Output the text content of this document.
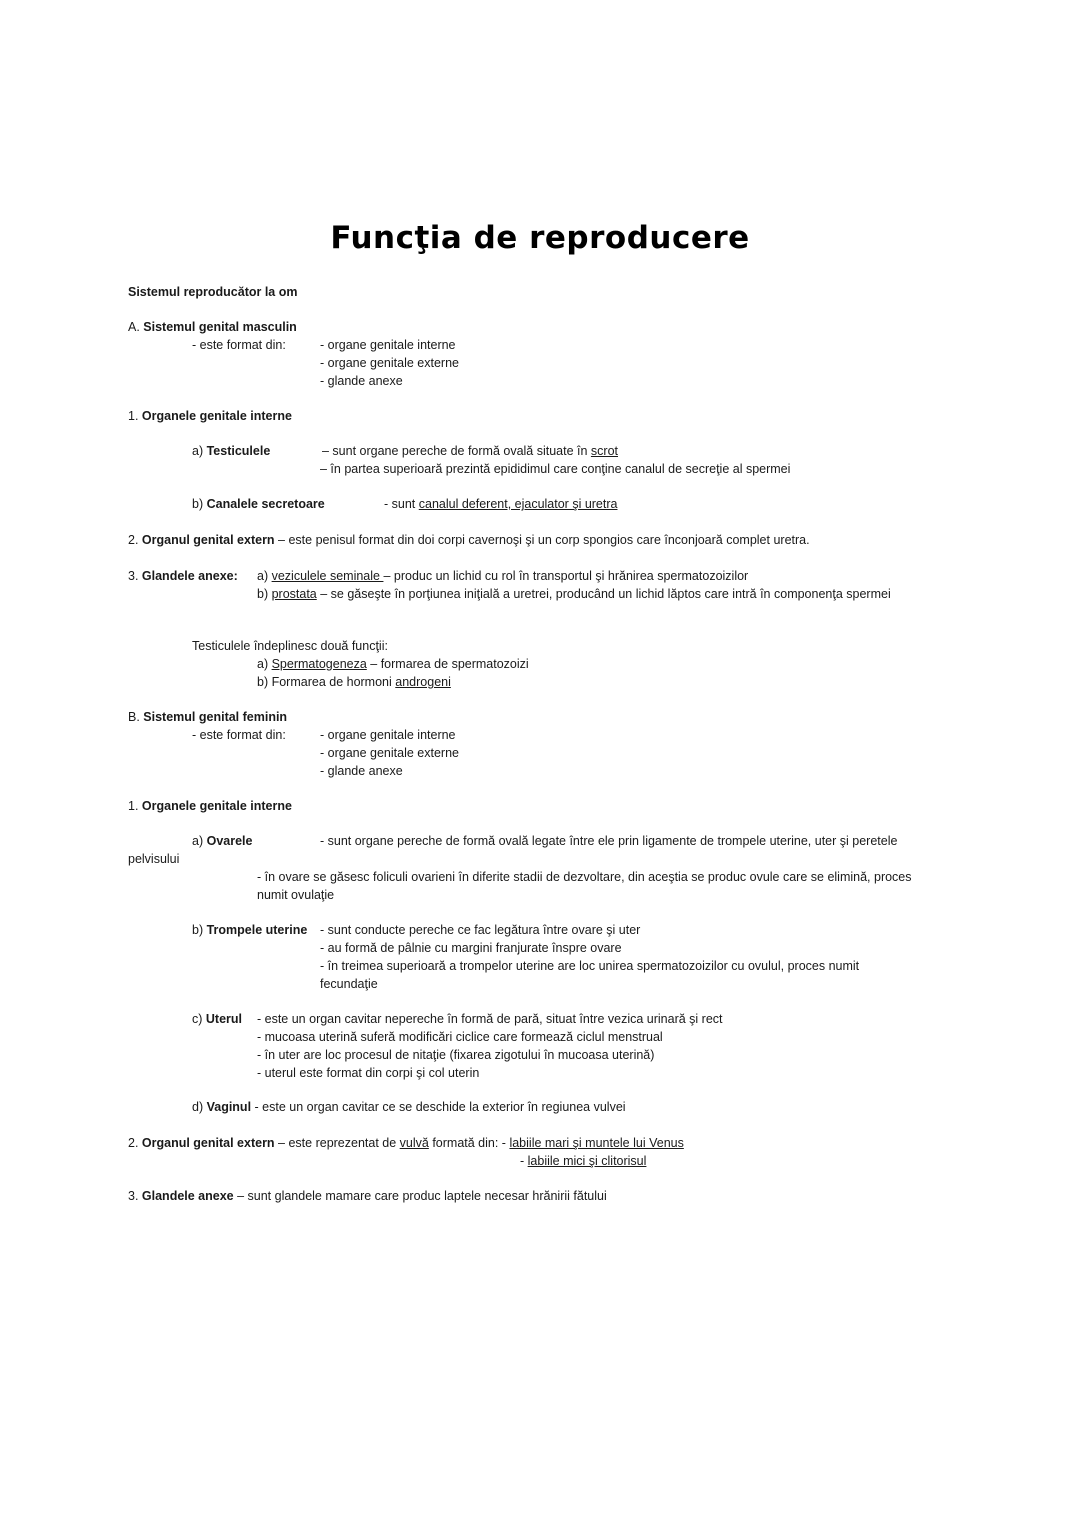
Funcţia de reproducere
Sistemul reproducător la om
A. Sistemul genital masculin
- este format din:	- organe genitale interne
- organe genitale externe
- glande anexe
1. Organele genitale interne
a) Testiculele	– sunt organe pereche de formă ovală situate în scrot
– în partea superioară prezintă epididimul care conţine canalul de secreţie al spermei
b) Canalele secretoare	- sunt canalul deferent, ejaculator şi uretra
2. Organul genital extern – este penisul format din doi corpi cavernoşi şi un corp spongios care înconjoară complet uretra.
3. Glandele anexe: a) veziculele seminale – produc un lichid cu rol în transportul şi hrănirea spermatozoizilor
b) prostata – se găseşte în porţiunea iniţială a uretrei, producând un lichid lăptos care intră în componenţa spermei
Testiculele îndeplinesc două funcţii:
a) Spermatogeneza – formarea de spermatozoizi
b) Formarea de hormoni androgeni
B. Sistemul genital feminin
- este format din:	- organe genitale interne
- organe genitale externe
- glande anexe
1. Organele genitale interne
a) Ovarele	- sunt organe pereche de formă ovală legate între ele prin ligamente de trompele uterine, uter şi peretele
pelvisului
- în ovare se găsesc foliculi ovarieni în diferite stadii de dezvoltare, din aceştia se produc ovule care se elimină, proces
numit ovulaţie
b) Trompele uterine - sunt conducte pereche ce fac legătura între ovare şi uter
- au formă de pâlnie cu margini franjurate înspre ovare
- în treimea superioară a trompelor uterine are loc unirea spermatozoizilor cu ovulul, proces numit
fecundaţie
c) Uterul - este un organ cavitar nepereche în formă de pară, situat între vezica urinară şi rect
- mucoasa uterină suferă modificări ciclice care formează ciclul menstrual
- în uter are loc procesul de nitaţie (fixarea zigotului în mucoasa uterină)
- uterul este format din corpi şi col uterin
d) Vaginul - este un organ cavitar ce se deschide la exterior în regiunea vulvei
2. Organul genital extern – este reprezentat de vulvă formată din: - labiile mari şi muntele lui Venus
- labiile mici şi clitorisul
3. Glandele anexe – sunt glandele mamare care produc laptele necesar hrănirii fătului
